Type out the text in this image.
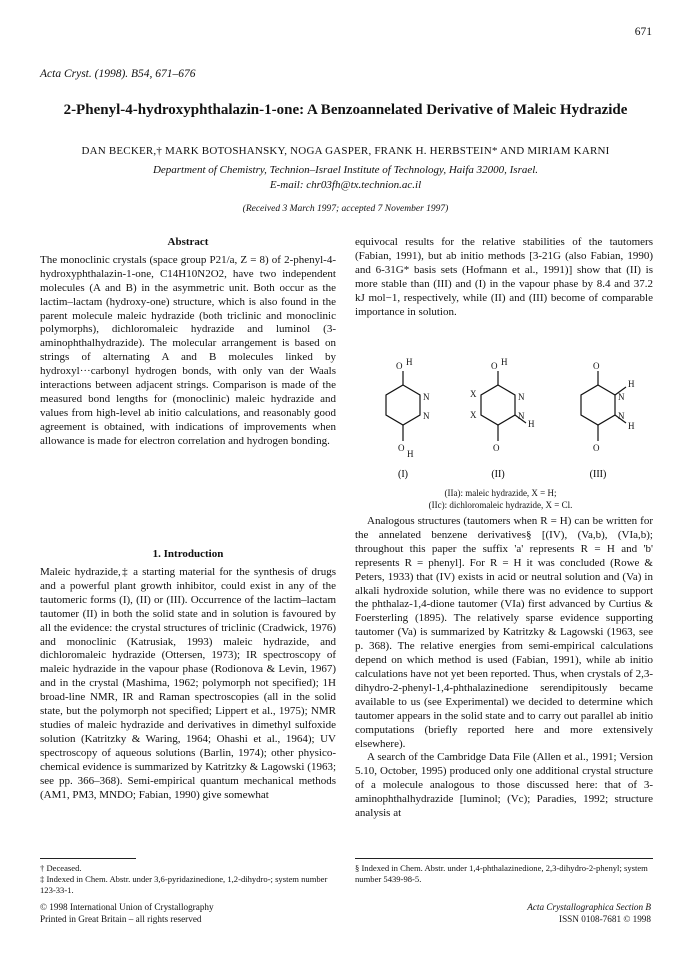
671
Acta Cryst. (1998). B54, 671–676
2-Phenyl-4-hydroxyphthalazin-1-one: A Benzoannelated Derivative of Maleic Hydrazide
DAN BECKER,† MARK BOTOSHANSKY, NOGA GASPER, FRANK H. HERBSTEIN* AND MIRIAM KARNI
Department of Chemistry, Technion–Israel Institute of Technology, Haifa 32000, Israel.
E-mail: chr03fh@tx.technion.ac.il
(Received 3 March 1997; accepted 7 November 1997)

Abstract

The monoclinic crystals (space group P21/a, Z = 8) of 2-phenyl-4-hydroxyphthalazin-1-one, C14H10N2O2, have two independent molecules (A and B) in the asymmetric unit. Both occur as the lactim–lactam (hydroxy-one) structure, which is also found in the parent molecule maleic hydrazide (both triclinic and monoclinic polymorphs), dichloromaleic hydrazide and luminol (3-aminophthalhydrazide). The molecular arrangement is based on strings of alternating A and B molecules linked by hydroxyl···carbonyl hydrogen bonds, with only van der Waals interactions between adjacent strings. Comparison is made of the measured bond lengths for (monoclinic) maleic hydrazide and values from high-level ab initio calculations, and reasonably good agreement is obtained, with indications of improvements when allowance is made for electron correlation and hydrogen bonding.

1. Introduction

Maleic hydrazide,‡ a starting material for the synthesis of drugs and a powerful plant growth inhibitor, could exist in any of the tautomeric forms (I), (II) or (III). Occurrence of the lactim–lactam tautomer (II) in both the solid state and in solution is favoured by all the evidence: the crystal structures of triclinic (Cradwick, 1976) and monoclinic (Katrusiak, 1993) maleic hydrazide, and dichloromaleic hydrazide (Ottersen, 1973); IR spectroscopy of maleic hydrazide in the vapour phase (Rodionova & Levin, 1967) and in the crystal (Mashima, 1962; polymorph not specified); 1H broad-line NMR, IR and Raman spectroscopies (all in the solid state, but the polymorph not specified; Lippert et al., 1975); NMR studies of maleic hydrazide and derivatives in dimethyl sulfoxide solution (Katritzky & Waring, 1964; Ohashi et al., 1964); UV spectroscopy of aqueous solutions (Barlin, 1974); other physico-chemical evidence is summarized by Katritzky & Lagowski (1963; see pp. 366–368). Semi-empirical quantum mechanical methods (AM1, PM3, MNDO; Fabian, 1990) give somewhat

† Deceased.
‡ Indexed in Chem. Abstr. under 3,6-pyridazinedione, 1,2-dihydro-; system number 123-33-1.

equivocal results for the relative stabilities of the tautomers (Fabian, 1991), but ab initio methods [3-21G (also Fabian, 1990) and 6-31G* basis sets (Hofmann et al., 1991)] show that (II) is more stable than (III) and (I) in the vapour phase by 8.4 and 37.2 kJ mol−1, respectively, while (II) and (III) become of comparable importance in solution.

O H
N
N
O
H
O H
X
X
N
N
H
O
O
O
N
N
H
H
(I)	(II)	(III)
(IIa): maleic hydrazide, X = H;
(IIc): dichloromaleic hydrazide, X = Cl.

Analogous structures (tautomers when R = H) can be written for the annelated benzene derivatives§ [(IV), (Va,b), (VIa,b); throughout this paper the suffix 'a' represents R = H and 'b' represents R = phenyl]. For R = H it was concluded (Rowe & Peters, 1933) that (IV) exists in acid or neutral solution and (Va) in alkali hydroxide solution, while there was no evidence to support the phthalaz-1,4-dione tautomer (VIa) first advanced by Curtius & Foersterling (1895). The relatively sparse evidence supporting tautomer (Va) is summarized by Katritzky & Lagowski (1963, see p. 368). The relative energies from semi-empirical calculations depend on which method is used (Fabian, 1991), while ab initio calculations have not yet been reported. Thus, when crystals of 2,3-dihydro-2-phenyl-1,4-phthalazinedione serendipitously became available to us (see Experimental) we decided to determine which tautomer appears in the solid state and to carry out parallel ab initio computations (briefly reported here and more extensively elsewhere).

A search of the Cambridge Data File (Allen et al., 1991; Version 5.10, October, 1995) produced only one additional crystal structure of a molecule analogous to those discussed here: that of 3-aminophthalhydrazide [luminol; (Vc); Paradies, 1992; structure analysis at

§ Indexed in Chem. Abstr. under 1,4-phthalazinedione, 2,3-dihydro-2-phenyl; system number 5439-98-5.
© 1998 International Union of Crystallography
Printed in Great Britain – all rights reserved
Acta Crystallographica Section B
ISSN 0108-7681 © 1998
